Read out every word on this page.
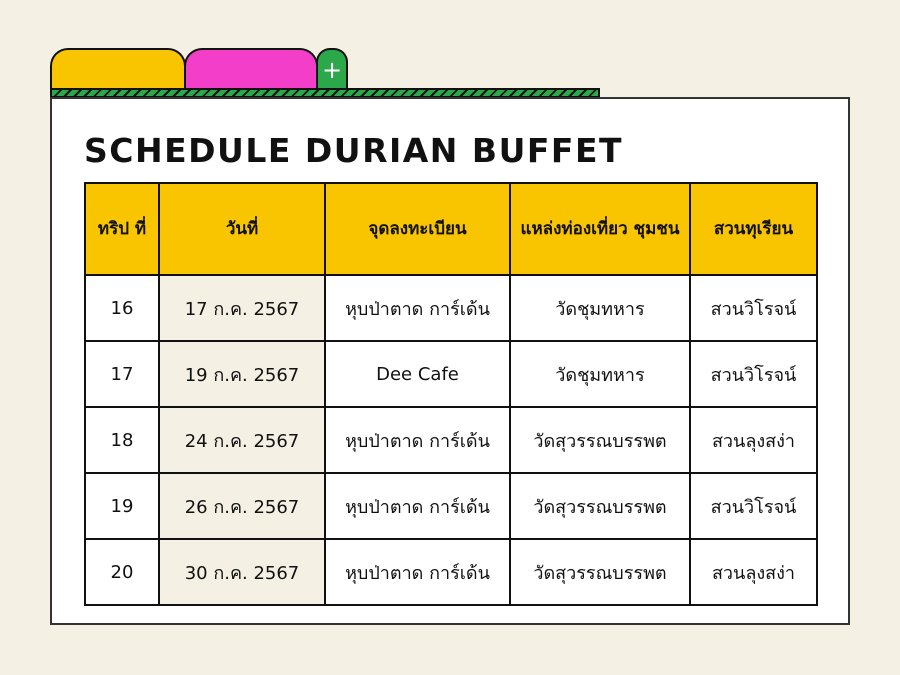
+
SCHEDULE DURIAN BUFFET
ทริป ที่	วันที่	จุดลงทะเบียน	แหล่งท่องเที่ยว ชุมชน	สวนทุเรียน
16	17 ก.ค. 2567	หุบป่าตาด การ์เด้น	วัดชุมทหาร	สวนวิโรจน์
17	19 ก.ค. 2567	Dee Cafe	วัดชุมทหาร	สวนวิโรจน์
18	24 ก.ค. 2567	หุบป่าตาด การ์เด้น	วัดสุวรรณบรรพต	สวนลุงสง่า
19	26 ก.ค. 2567	หุบป่าตาด การ์เด้น	วัดสุวรรณบรรพต	สวนวิโรจน์
20	30 ก.ค. 2567	หุบป่าตาด การ์เด้น	วัดสุวรรณบรรพต	สวนลุงสง่า
